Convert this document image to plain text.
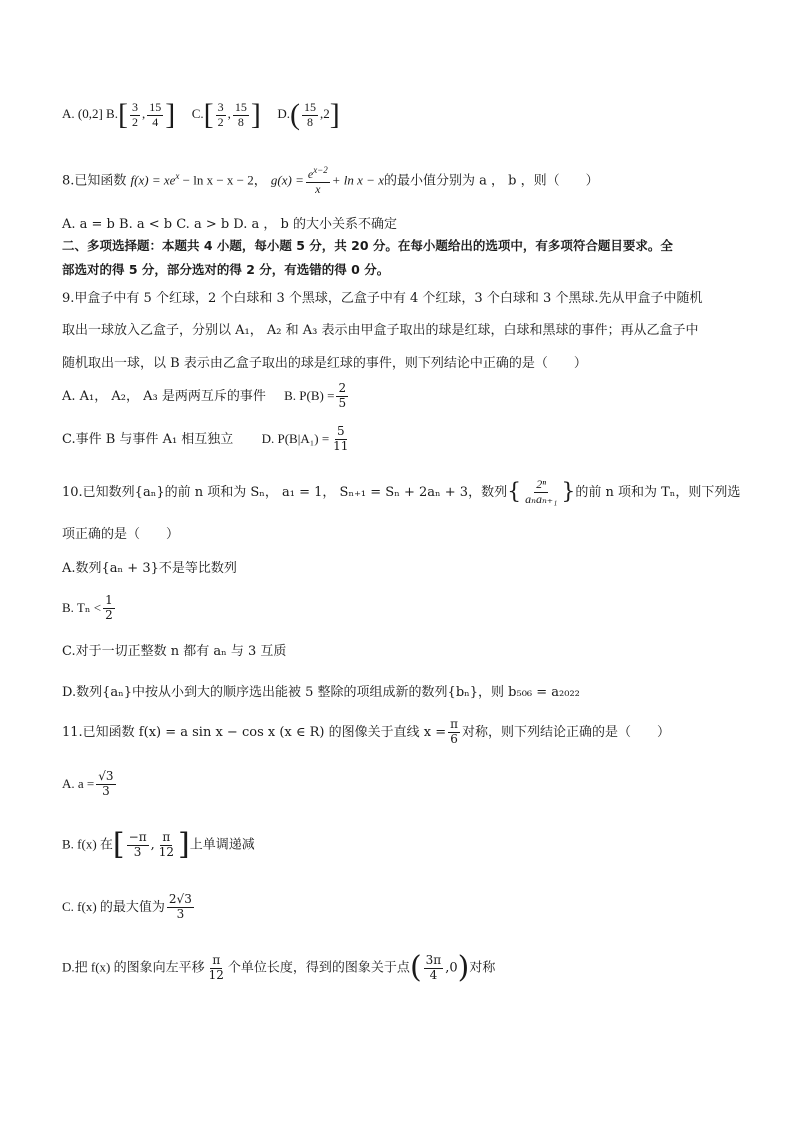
A. (0,2] $B.[ \frac{3}{2}$ , $\frac{15}{4}$ ] $C.[ \frac{3}{2}$ , $\frac{15}{8}$ ] $D.( \frac{15}{8} ,2]$
8.已知函数 $f(x) = xe^x - \ln x - x - 2$， $g(x) = \frac{e^{x-2}}{x} + \ln x - x$的最小值分别为 a ， b ，则（　　）
A. a = b B. a < b C. a > b D. a ， b 的大小关系不确定
二、多项选择题：本题共 4 小题，每小题 5 分，共 20 分。在每小题给出的选项中，有多项符合题目要求。全
部选对的得 5 分，部分选对的得 2 分，有选错的得 0 分。
9.甲盒子中有 5 个红球，2 个白球和 3 个黑球，乙盒子中有 4 个红球，3 个白球和 3 个黑球.先从甲盒子中随机
取出一球放入乙盒子，分别以 A₁， A₂ 和 A₃ 表示由甲盒子取出的球是红球，白球和黑球的事件；再从乙盒子中
随机取出一球，以 B 表示由乙盒子取出的球是红球的事件，则下列结论中正确的是（　　）
A. A₁， A₂， A₃ 是两两互斥的事件 B. $P(B) = \frac{2}{5}$
C.事件 B 与事件 A₁ 相互独立 D. $P(B|A_1) = \frac{5}{11}$
10.已知数列{aₙ}的前 n 项和为 Sₙ， a₁ = 1， Sₙ₊₁ = Sₙ + 2aₙ + 3，数列{ $\frac{\text{2ⁿ}}{\text{aₙaₙ₊₁}}$ }的前 n 项和为 Tₙ，则下列选
项正确的是（　　）
A.数列{aₙ + 3}不是等比数列
B. $T_n < \frac{1}{2}$
C.对于一切正整数 n 都有 aₙ 与 3 互质
D.数列{aₙ}中按从小到大的顺序选出能被 5 整除的项组成新的数列{bₙ}，则 b₅₀₆ = a₂₀₂₂
11.已知函数 f(x) = a sin x − cos x (x ∈ R) 的图像关于直线 $x = \frac{\pi}{6}$ 对称，则下列结论正确的是（　　）
A. $a = \frac{√3}{3}$
B. f(x) 在[ $\frac{-\pi}{3}$ , $\frac{\pi}{12}$ ]上单调递减
C. f(x) 的最大值为 $\frac{2√3}{3}$
D.把 f(x) 的图象向左平移 $\frac{\pi}{12}$ 个单位长度，得到的图象关于点( $\frac{3\pi}{4} ,0$)对称
